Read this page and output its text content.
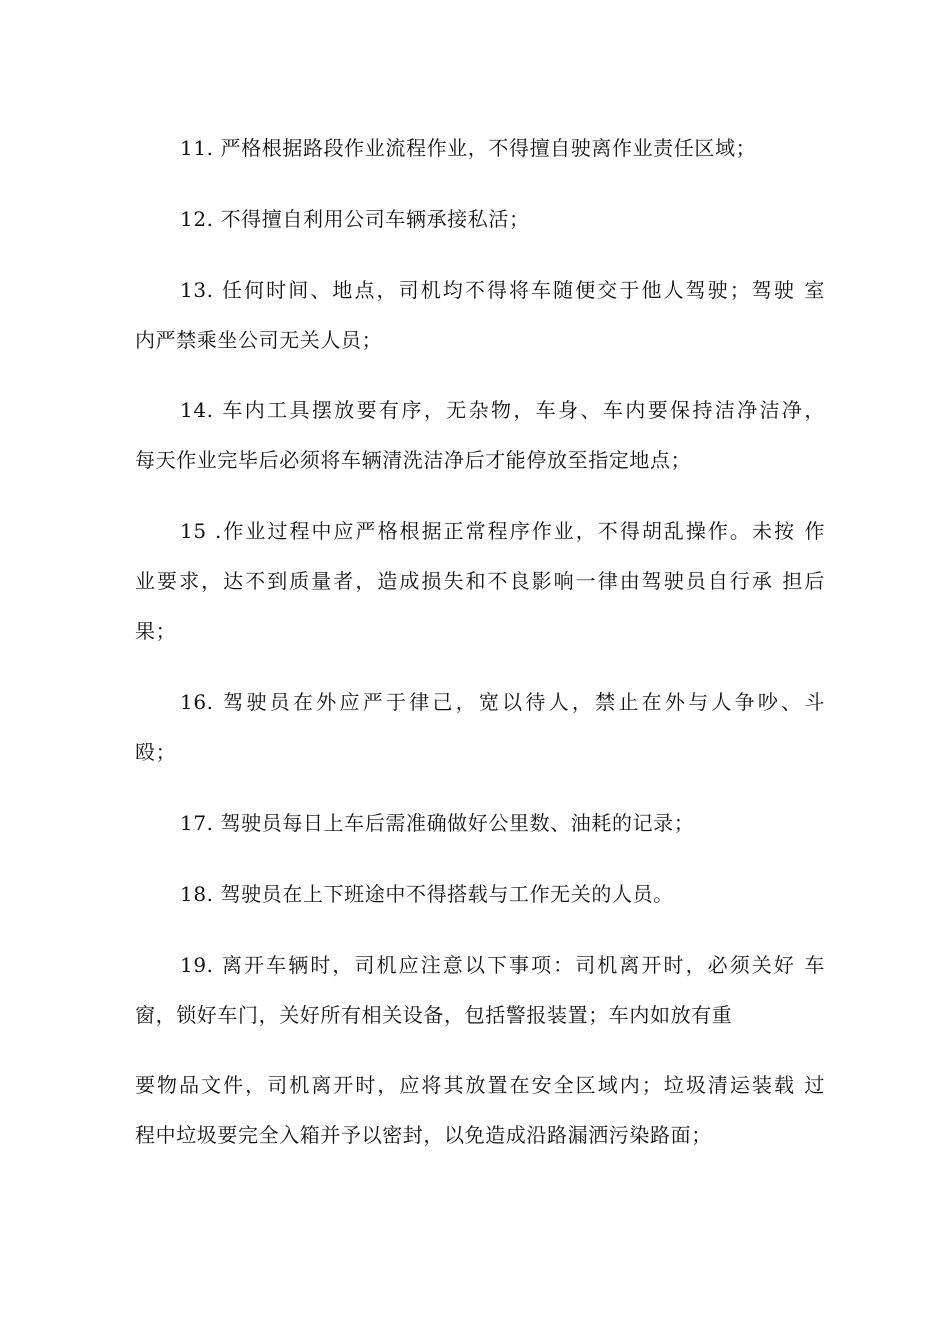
11. 严格根据路段作业流程作业，不得擅自驶离作业责任区域；
12. 不得擅自利用公司车辆承接私活；
13. 任何时间、地点，司机均不得将车随便交于他人驾驶；驾驶 室
内严禁乘坐公司无关人员；
14. 车内工具摆放要有序，无杂物，车身、车内要保持洁净洁净，
每天作业完毕后必须将车辆清洗洁净后才能停放至指定地点；
15 .作业过程中应严格根据正常程序作业，不得胡乱操作。未按 作
业要求，达不到质量者，造成损失和不良影响一律由驾驶员自行承 担后
果；
16. 驾驶员在外应严于律己，宽以待人，禁止在外与人争吵、斗
殴；
17. 驾驶员每日上车后需准确做好公里数、油耗的记录；
18. 驾驶员在上下班途中不得搭载与工作无关的人员。
19. 离开车辆时，司机应注意以下事项：司机离开时，必须关好 车
窗，锁好车门，关好所有相关设备，包括警报装置；车内如放有重
要物品文件，司机离开时，应将其放置在安全区域内；垃圾清运装载 过
程中垃圾要完全入箱并予以密封，以免造成沿路漏洒污染路面；
